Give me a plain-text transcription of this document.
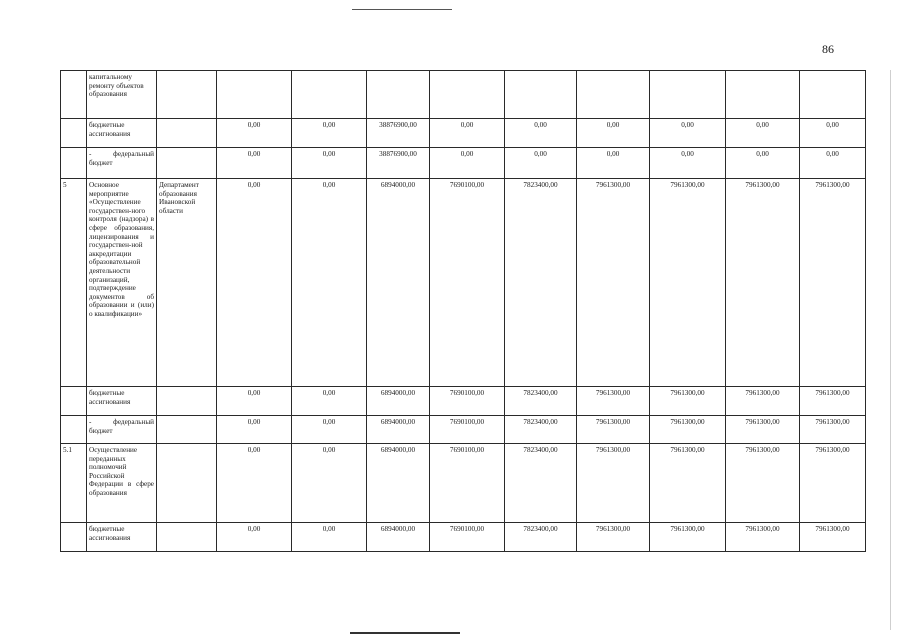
86
	капитальному ремонту объектов образования										
	бюджетные ассигнования		0,00	0,00	38876900,00	0,00	0,00	0,00	0,00	0,00	0,00
	- федеральный бюджет		0,00	0,00	38876900,00	0,00	0,00	0,00	0,00	0,00	0,00
5	Основное мероприятие «Осуществление государствен-ного контроля (надзора) в сфере образования, лицензирования и государствен-ной аккредитации образовательной деятельности организаций, подтверждение документов об образовании и (или) о квалификации»	Департамент образования Ивановской области	0,00	0,00	6894000,00	7690100,00	7823400,00	7961300,00	7961300,00	7961300,00	7961300,00
	бюджетные ассигнования		0,00	0,00	6894000,00	7690100,00	7823400,00	7961300,00	7961300,00	7961300,00	7961300,00
	- федеральный бюджет		0,00	0,00	6894000,00	7690100,00	7823400,00	7961300,00	7961300,00	7961300,00	7961300,00
5.1	Осуществление переданных полномочий Российской Федерации в сфере образования		0,00	0,00	6894000,00	7690100,00	7823400,00	7961300,00	7961300,00	7961300,00	7961300,00
	бюджетные ассигнования		0,00	0,00	6894000,00	7690100,00	7823400,00	7961300,00	7961300,00	7961300,00	7961300,00
